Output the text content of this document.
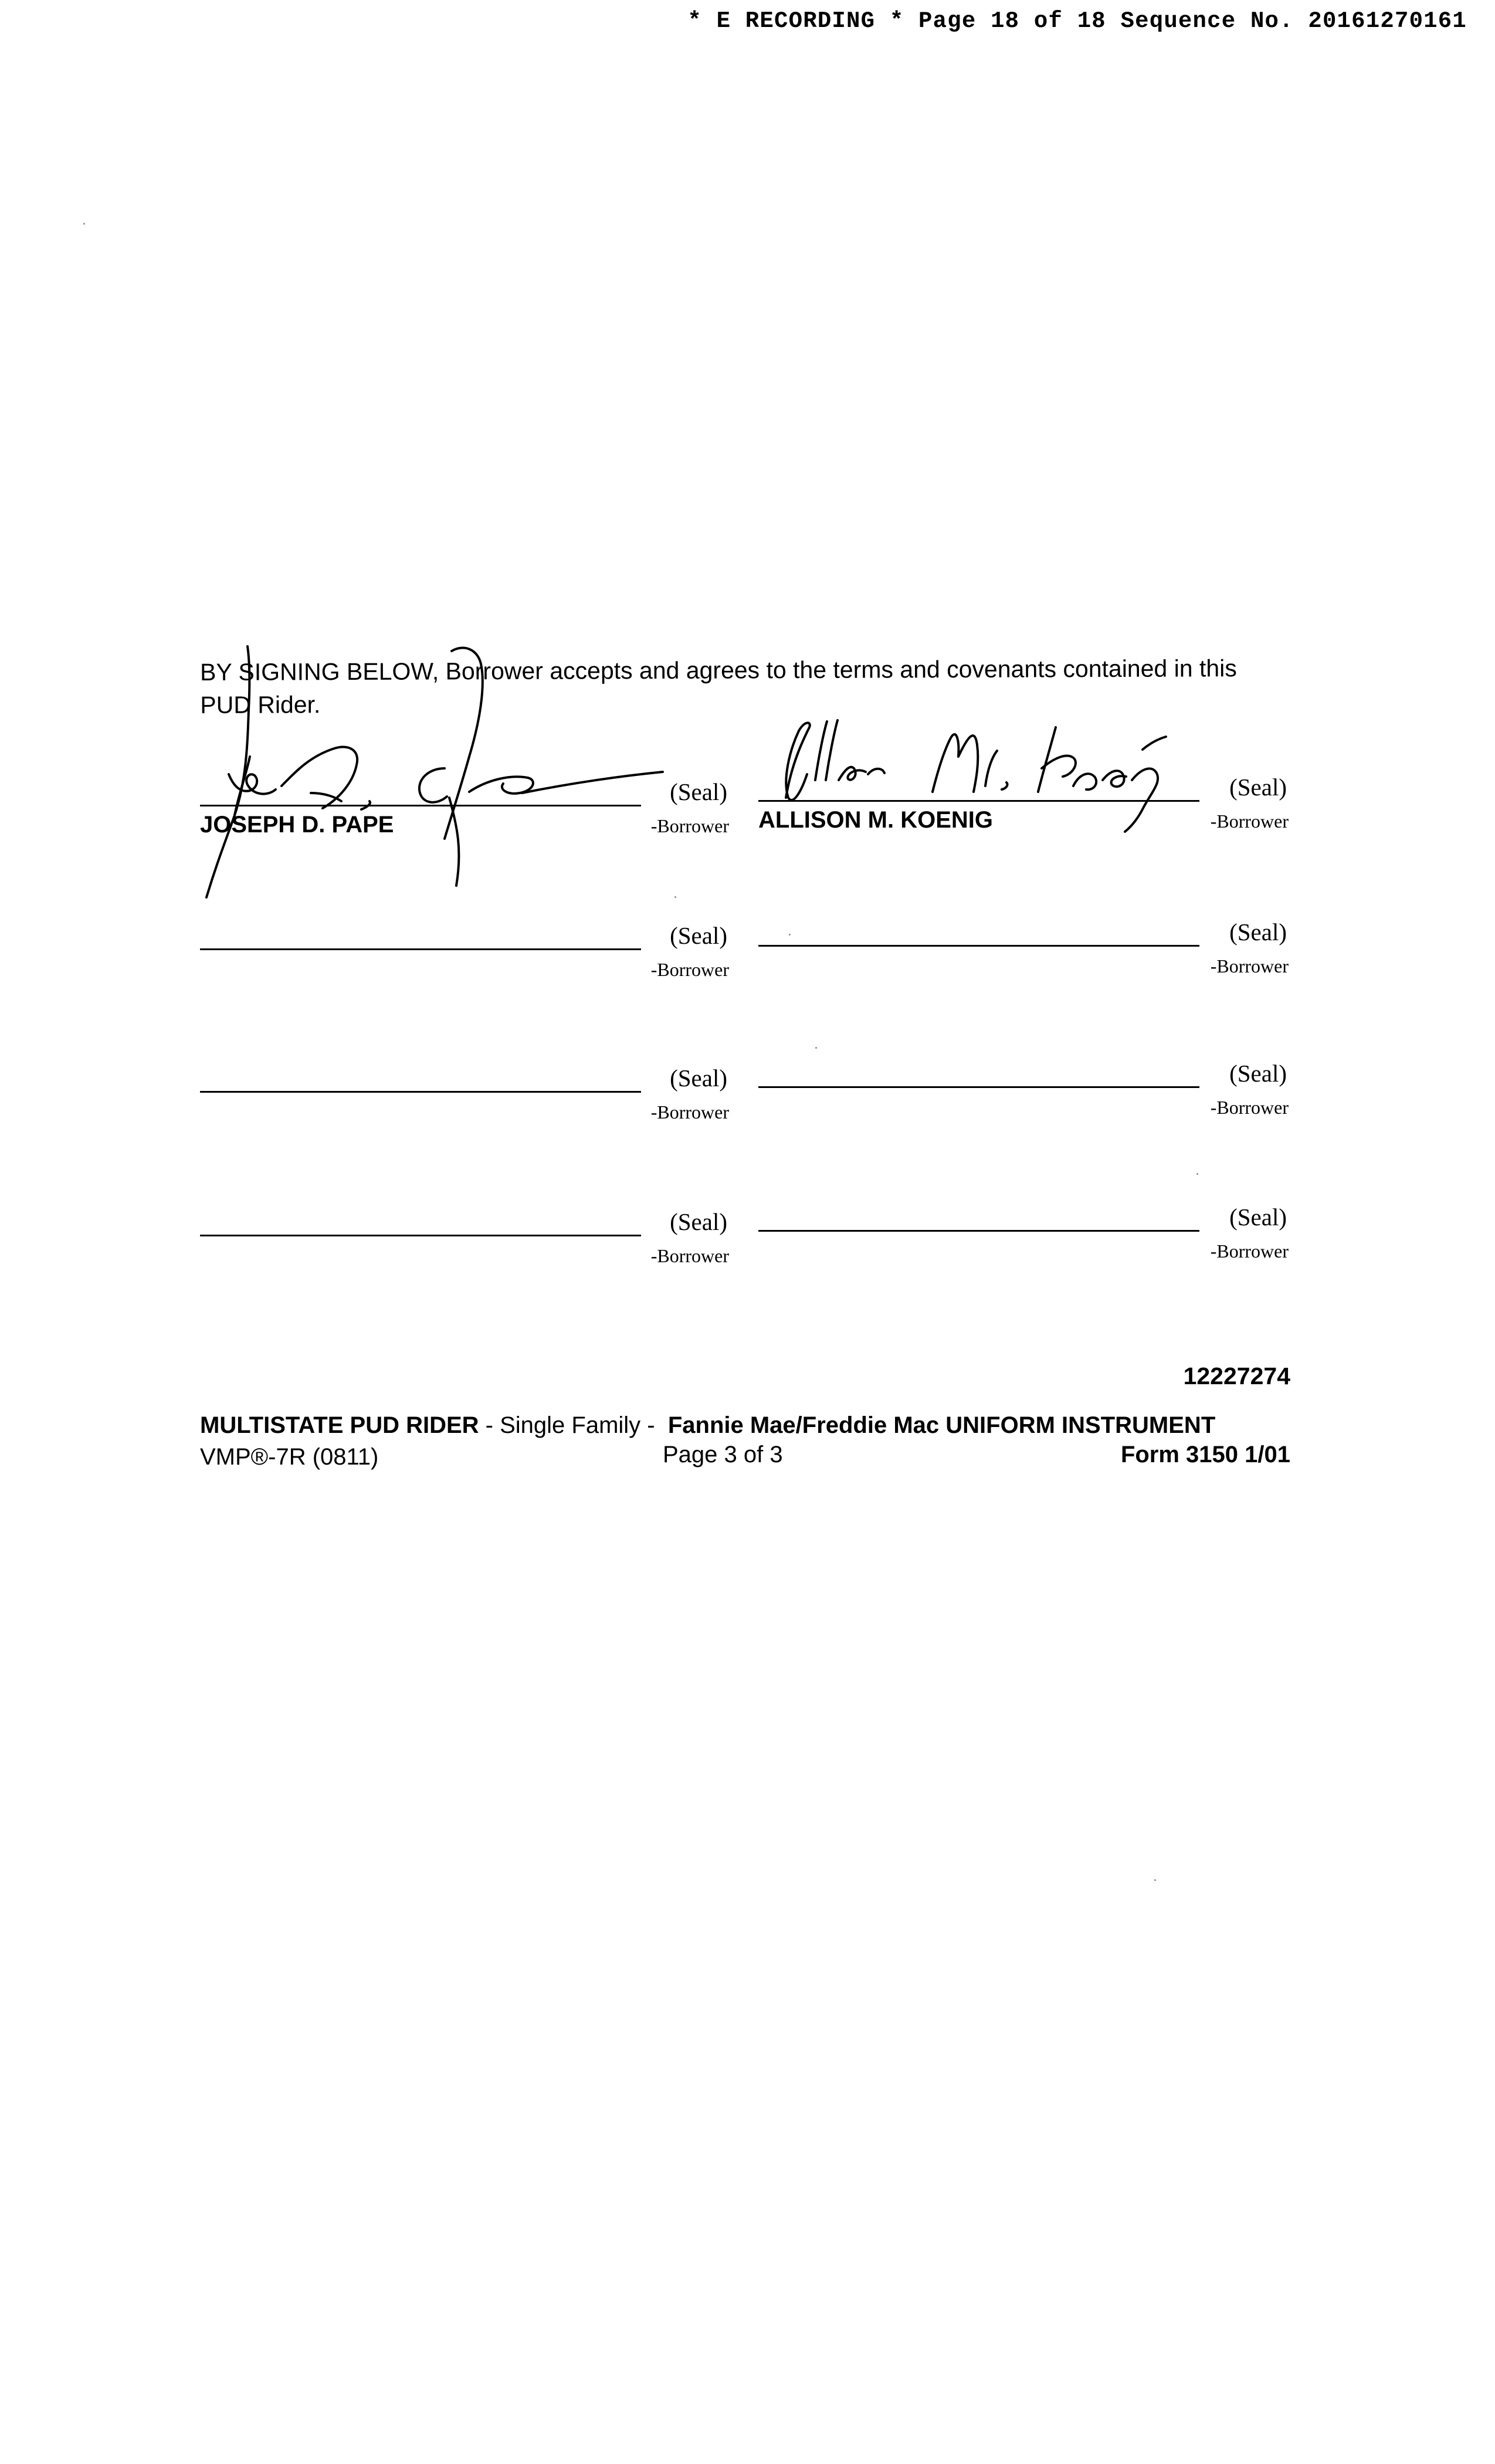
* E RECORDING * Page 18 of 18 Sequence No. 20161270161
BY SIGNING BELOW, Borrower accepts and agrees to the terms and covenants contained in this PUD Rider.
(Seal)
-Borrower
JOSEPH D. PAPE
(Seal)
-Borrower
ALLISON M. KOENIG
(Seal)
-Borrower
(Seal)
-Borrower
(Seal)
-Borrower
(Seal)
-Borrower
(Seal)
-Borrower
(Seal)
-Borrower
12227274
MULTISTATE PUD RIDER - Single Family -  Fannie Mae/Freddie Mac UNIFORM INSTRUMENT
VMP®-7R (0811)	Page 3 of 3	Form 3150 1/01
